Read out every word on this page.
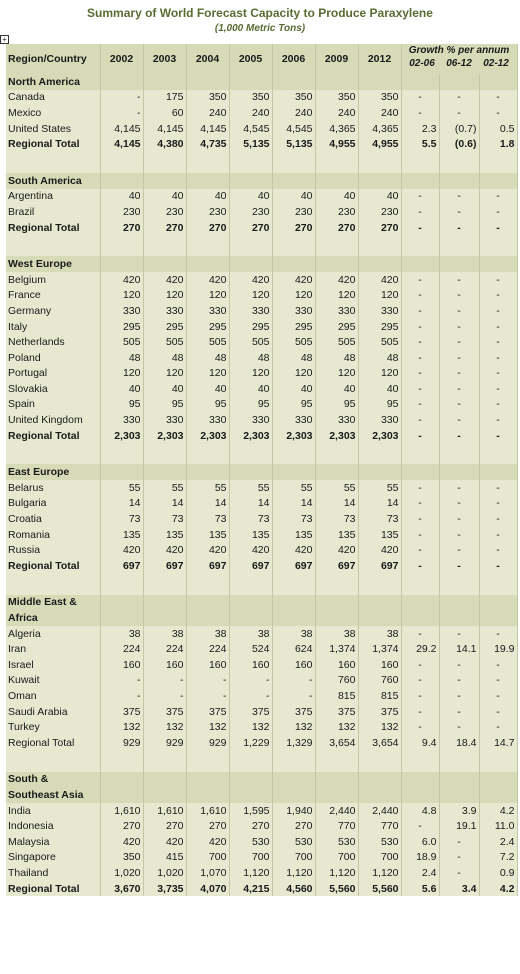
Summary of World Forecast Capacity to Produce Paraxylene
(1,000 Metric Tons)
+
Region/Country	2002	2003	2004	2005	2006	2009	2012	Growth % per annum
02-06 06-12 02-12		

North America										
Canada	-	175	350	350	350	350	350	-	-	-
Mexico	-	60	240	240	240	240	240	-	-	-
United States	4,145	4,145	4,145	4,545	4,545	4,365	4,365	2.3	(0.7)	0.5
Regional Total	4,145	4,380	4,735	5,135	5,135	4,955	4,955	5.5	(0.6)	1.8

South America										
Argentina	40	40	40	40	40	40	40	-	-	-
Brazil	230	230	230	230	230	230	230	-	-	-
Regional Total	270	270	270	270	270	270	270	-	-	-

West Europe										
Belgium	420	420	420	420	420	420	420	-	-	-
France	120	120	120	120	120	120	120	-	-	-
Germany	330	330	330	330	330	330	330	-	-	-
Italy	295	295	295	295	295	295	295	-	-	-
Netherlands	505	505	505	505	505	505	505	-	-	-
Poland	48	48	48	48	48	48	48	-	-	-
Portugal	120	120	120	120	120	120	120	-	-	-
Slovakia	40	40	40	40	40	40	40	-	-	-
Spain	95	95	95	95	95	95	95	-	-	-
United Kingdom	330	330	330	330	330	330	330	-	-	-
Regional Total	2,303	2,303	2,303	2,303	2,303	2,303	2,303	-	-	-

East Europe										
Belarus	55	55	55	55	55	55	55	-	-	-
Bulgaria	14	14	14	14	14	14	14	-	-	-
Croatia	73	73	73	73	73	73	73	-	-	-
Romania	135	135	135	135	135	135	135	-	-	-
Russia	420	420	420	420	420	420	420	-	-	-
Regional Total	697	697	697	697	697	697	697	-	-	-

Middle East &										
Africa										
Algeria	38	38	38	38	38	38	38	-	-	-
Iran	224	224	224	524	624	1,374	1,374	29.2	14.1	19.9
Israel	160	160	160	160	160	160	160	-	-	-
Kuwait	-	-	-	-	-	760	760	-	-	-
Oman	-	-	-	-	-	815	815	-	-	-
Saudi Arabia	375	375	375	375	375	375	375	-	-	-
Turkey	132	132	132	132	132	132	132	-	-	-
Regional Total	929	929	929	1,229	1,329	3,654	3,654	9.4	18.4	14.7

South &										
Southeast Asia										
India	1,610	1,610	1,610	1,595	1,940	2,440	2,440	4.8	3.9	4.2
Indonesia	270	270	270	270	270	770	770	-	19.1	11.0
Malaysia	420	420	420	530	530	530	530	6.0	-	2.4
Singapore	350	415	700	700	700	700	700	18.9	-	7.2
Thailand	1,020	1,020	1,070	1,120	1,120	1,120	1,120	2.4	-	0.9
Regional Total	3,670	3,735	4,070	4,215	4,560	5,560	5,560	5.6	3.4	4.2
